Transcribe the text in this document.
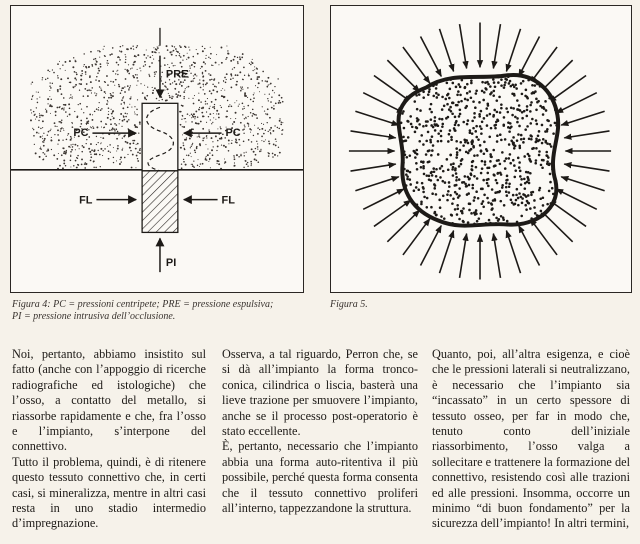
PRE
PC	PC
FL	FL
PI
Figura 4: PC = pressioni centripete; PRE = pressione espulsiva;
PI = pressione intrusiva dell’occlusione.
Figura 5.

Noi, pertanto, abbiamo insistito sul fatto (anche con l’appoggio di ricerche radiografiche ed istologiche) che l’osso, a contatto del metallo, si riassorbe rapidamente e che, fra l’osso e l’impianto, s’interpone del connettivo.

Tutto il problema, quindi, è di ritenere questo tessuto connettivo che, in certi casi, si mineralizza, mentre in altri casi resta in uno stadio intermedio d’impregnazione.

Osserva, a tal riguardo, Perron che, se si dà all’impianto la forma tronco-conica, cilindrica o liscia, basterà una lieve trazione per smuovere l’impianto, anche se il processo post-operatorio è stato eccellente.

È, pertanto, necessario che l’impianto abbia una forma auto-ritentiva il più possibile, perché questa forma consenta che il tessuto connettivo proliferi all’interno, tappezzandone la struttura.

Quanto, poi, all’altra esigenza, e cioè che le pressioni laterali si neutralizzano, è necessario che l’impianto sia “incassato” in un certo spessore di tessuto osseo, per far in modo che, tenuto conto dell’iniziale riassorbimento, l’osso valga a sollecitare e trattenere la formazione del connettivo, resistendo così alle trazioni ed alle pressioni. Insomma, occorre un minimo “di buon fondamento” per la sicurezza dell’impianto! In altri termini,
